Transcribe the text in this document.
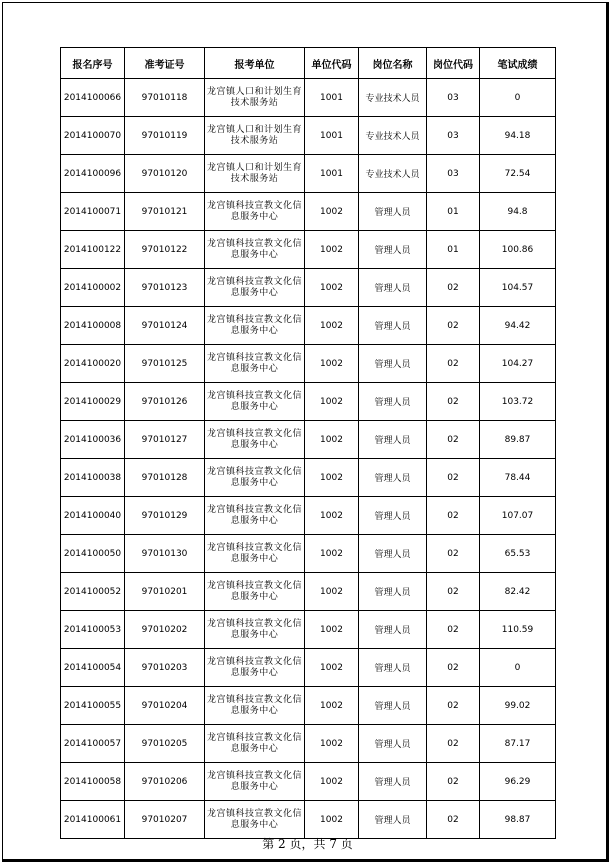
报名序号	准考证号	报考单位	单位代码	岗位名称	岗位代码	笔试成绩
2014100066	97010118	龙宫镇人口和计划生育技术服务站	1001	专业技术人员	03	0
2014100070	97010119	龙宫镇人口和计划生育技术服务站	1001	专业技术人员	03	94.18
2014100096	97010120	龙宫镇人口和计划生育技术服务站	1001	专业技术人员	03	72.54
2014100071	97010121	龙宫镇科技宣教文化信息服务中心	1002	管理人员	01	94.8
2014100122	97010122	龙宫镇科技宣教文化信息服务中心	1002	管理人员	01	100.86
2014100002	97010123	龙宫镇科技宣教文化信息服务中心	1002	管理人员	02	104.57
2014100008	97010124	龙宫镇科技宣教文化信息服务中心	1002	管理人员	02	94.42
2014100020	97010125	龙宫镇科技宣教文化信息服务中心	1002	管理人员	02	104.27
2014100029	97010126	龙宫镇科技宣教文化信息服务中心	1002	管理人员	02	103.72
2014100036	97010127	龙宫镇科技宣教文化信息服务中心	1002	管理人员	02	89.87
2014100038	97010128	龙宫镇科技宣教文化信息服务中心	1002	管理人员	02	78.44
2014100040	97010129	龙宫镇科技宣教文化信息服务中心	1002	管理人员	02	107.07
2014100050	97010130	龙宫镇科技宣教文化信息服务中心	1002	管理人员	02	65.53
2014100052	97010201	龙宫镇科技宣教文化信息服务中心	1002	管理人员	02	82.42
2014100053	97010202	龙宫镇科技宣教文化信息服务中心	1002	管理人员	02	110.59
2014100054	97010203	龙宫镇科技宣教文化信息服务中心	1002	管理人员	02	0
2014100055	97010204	龙宫镇科技宣教文化信息服务中心	1002	管理人员	02	99.02
2014100057	97010205	龙宫镇科技宣教文化信息服务中心	1002	管理人员	02	87.17
2014100058	97010206	龙宫镇科技宣教文化信息服务中心	1002	管理人员	02	96.29
2014100061	97010207	龙宫镇科技宣教文化信息服务中心	1002	管理人员	02	98.87
第 2 页，共 7 页
